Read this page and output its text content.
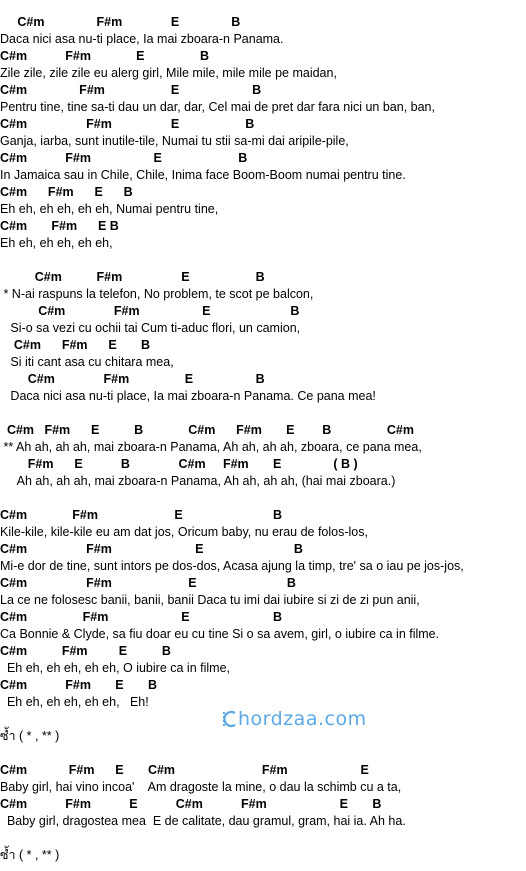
C#m               F#m              E               B
Daca nici asa nu-ti place, Ia mai zboara-n Panama.
C#m           F#m             E                B
Zile zile, zile zile eu alerg girl, Mile mile, mile mile pe maidan,
C#m               F#m                   E                     B
Pentru tine, tine sa-ti dau un dar, dar, Cel mai de pret dar fara nici un ban, ban,
C#m                 F#m                 E                   B
Ganja, iarba, sunt inutile-tile, Numai tu stii sa-mi dai aripile-pile,
C#m           F#m                  E                      B
In Jamaica sau in Chile, Chile, Inima face Boom-Boom numai pentru tine.
C#m      F#m      E      B
Eh eh, eh eh, eh eh, Numai pentru tine,
C#m       F#m      E B
Eh eh, eh eh, eh eh,
C#m          F#m                 E                   B
* N-ai raspuns la telefon, No problem, te scot pe balcon,
C#m              F#m                  E                       B
Si-o sa vezi cu ochii tai Cum ti-aduc flori, un camion,
C#m      F#m      E       B
Si iti cant asa cu chitara mea,
C#m              F#m                E                  B
Daca nici asa nu-ti place, Ia mai zboara-n Panama. Ce pana mea!
C#m   F#m      E          B             C#m      F#m       E        B                C#m
** Ah ah, ah ah, mai zboara-n Panama, Ah ah, ah ah, zboara, ce pana mea,
F#m      E           B              C#m     F#m       E               ( B )
Ah ah, ah ah, mai zboara-n Panama, Ah ah, ah ah, (hai mai zboara.)
C#m             F#m                      E                          B
Kile-kile, kile-kile eu am dat jos, Oricum baby, nu erau de folos-los,
C#m                 F#m                        E                          B
Mi-e dor de tine, sunt intors pe dos-dos, Acasa ajung la timp, tre' sa o iau pe jos-jos,
C#m                 F#m                      E                          B
La ce ne folosesc banii, banii, banii Daca tu imi dai iubire si zi de zi pun anii,
C#m                F#m                     E                        B
Ca Bonnie & Clyde, sa fiu doar eu cu tine Si o sa avem, girl, o iubire ca in filme.
C#m          F#m         E          B
Eh eh, eh eh, eh eh, O iubire ca in filme,
C#m           F#m       E       B
Eh eh, eh eh, eh eh,   Eh!
ซ้ำ ( * , ** )
C#m            F#m      E       C#m                         F#m                     E
Baby girl, hai vino incoa'    Am dragoste la mine, o dau la schimb cu a ta,
C#m           F#m           E           C#m           F#m                     E       B
Baby girl, dragostea mea  E de calitate, dau gramul, gram, hai ia. Ah ha.
ซ้ำ ( * , ** )
hordzaa.com
